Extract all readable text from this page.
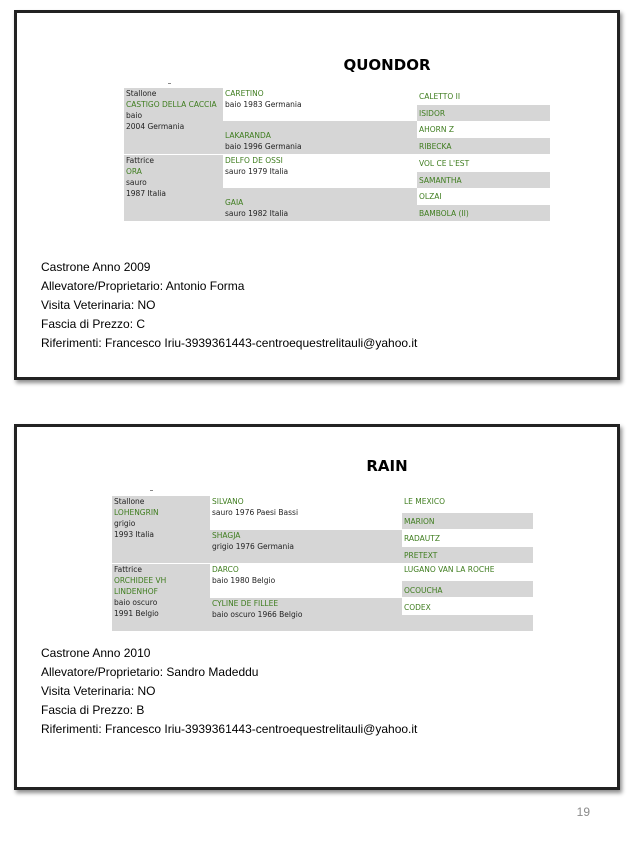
QUONDOR
Stallone
CASTIGO DELLA CACCIA
baio
2004 Germania
Fattrice
ORA
sauro
1987 Italia
CARETINO
baio 1983 Germania
LAKARANDA
baio 1996 Germania
DELFO DE OSSI
sauro 1979 Italia
GAIA
sauro 1982 Italia
CALETTO II
ISIDOR
AHORN Z
RIBECKA
VOL CE L'EST
SAMANTHA
OLZAI
BAMBOLA (II)
Castrone Anno 2009
Allevatore/Proprietario: Antonio Forma
Visita Veterinaria: NO
Fascia di Prezzo: C
Riferimenti: Francesco Iriu-3939361443-centroequestrelitauli@yahoo.it
RAIN
Stallone
LOHENGRIN
grigio
1993 Italia
Fattrice
ORCHIDEE VH
LINDENHOF
baio oscuro
1991 Belgio
SILVANO
sauro 1976 Paesi Bassi
SHAGJA
grigio 1976 Germania
DARCO
baio 1980 Belgio
CYLINE DE FILLEE
baio oscuro 1966 Belgio
LE MEXICO
MARION
RADAUTZ
PRETEXT
LUGANO VAN LA ROCHE
OCOUCHA
CODEX
Castrone Anno 2010
Allevatore/Proprietario: Sandro Madeddu
Visita Veterinaria: NO
Fascia di Prezzo: B
Riferimenti: Francesco Iriu-3939361443-centroequestrelitauli@yahoo.it
19
